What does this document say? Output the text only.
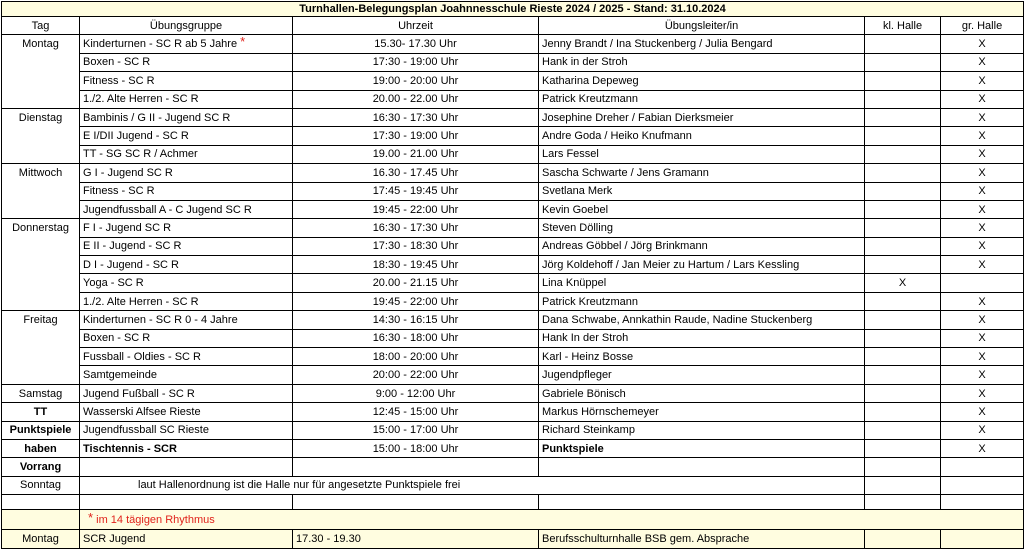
Turnhallen-Belegungsplan Joahnnesschule Rieste 2024 / 2025 - Stand: 31.10.2024					
Tag	Übungsgruppe	Uhrzeit	Übungsleiter/in	kl. Halle	gr. Halle
Montag	Kinderturnen - SC R ab 5 Jahre *	15.30- 17.30 Uhr	Jenny Brandt / Ina Stuckenberg / Julia Bengard		X
	Boxen - SC R	17:30 - 19:00 Uhr	Hank in der Stroh		X
	Fitness - SC R	19:00 - 20:00 Uhr	Katharina Depeweg		X
	1./2. Alte Herren - SC R	20.00 - 22.00 Uhr	Patrick Kreutzmann		X
Dienstag	Bambinis / G II - Jugend SC R	16:30 - 17:30 Uhr	Josephine Dreher / Fabian Dierksmeier		X
	E I/DII Jugend - SC R	17:30 - 19:00 Uhr	Andre Goda / Heiko Knufmann		X
	TT - SG SC R / Achmer	19.00 - 21.00 Uhr	Lars Fessel		X
Mittwoch	G I - Jugend SC R	16.30 - 17.45 Uhr	Sascha Schwarte / Jens Gramann		X
	Fitness - SC R	17:45 - 19:45 Uhr	Svetlana Merk		X
	Jugendfussball A - C Jugend SC R	19:45 - 22:00 Uhr	Kevin Goebel		X
Donnerstag	F I - Jugend SC R	16:30 - 17:30 Uhr	Steven Dölling		X
	E II - Jugend - SC R	17:30 - 18:30 Uhr	Andreas Göbbel / Jörg Brinkmann		X
	D I - Jugend - SC R	18:30 - 19:45 Uhr	Jörg Koldehoff / Jan Meier zu Hartum / Lars Kessling		X
	Yoga - SC R	20.00 - 21.15 Uhr	Lina Knüppel	X	
	1./2. Alte Herren - SC R	19:45 - 22:00 Uhr	Patrick Kreutzmann		X
Freitag	Kinderturnen - SC R 0 - 4 Jahre	14:30 - 16:15 Uhr	Dana Schwabe, Annkathin Raude, Nadine Stuckenberg		X
	Boxen - SC R	16:30 - 18:00 Uhr	Hank In der Stroh		X
	Fussball - Oldies - SC R	18:00 - 20:00 Uhr	Karl - Heinz Bosse		X
	Samtgemeinde	20:00 - 22:00 Uhr	Jugendpfleger		X
Samstag	Jugend Fußball - SC R	9:00 - 12:00 Uhr	Gabriele Bönisch		X
TT	Wasserski Alfsee Rieste	12:45 - 15:00 Uhr	Markus Hörnschemeyer		X
Punktspiele	Jugendfussball SC Rieste	15:00 - 17:00 Uhr	Richard Steinkamp		X
haben	Tischtennis - SCR	15:00 - 18:00 Uhr	Punktspiele		X
Vorrang					
Sonntag	laut Hallenordnung ist die Halle nur für angesetzte Punktspiele frei				

	* im 14 tägigen Rhythmus				
Montag	SCR Jugend	17.30 - 19.30	Berufsschulturnhalle BSB gem. Absprache		
